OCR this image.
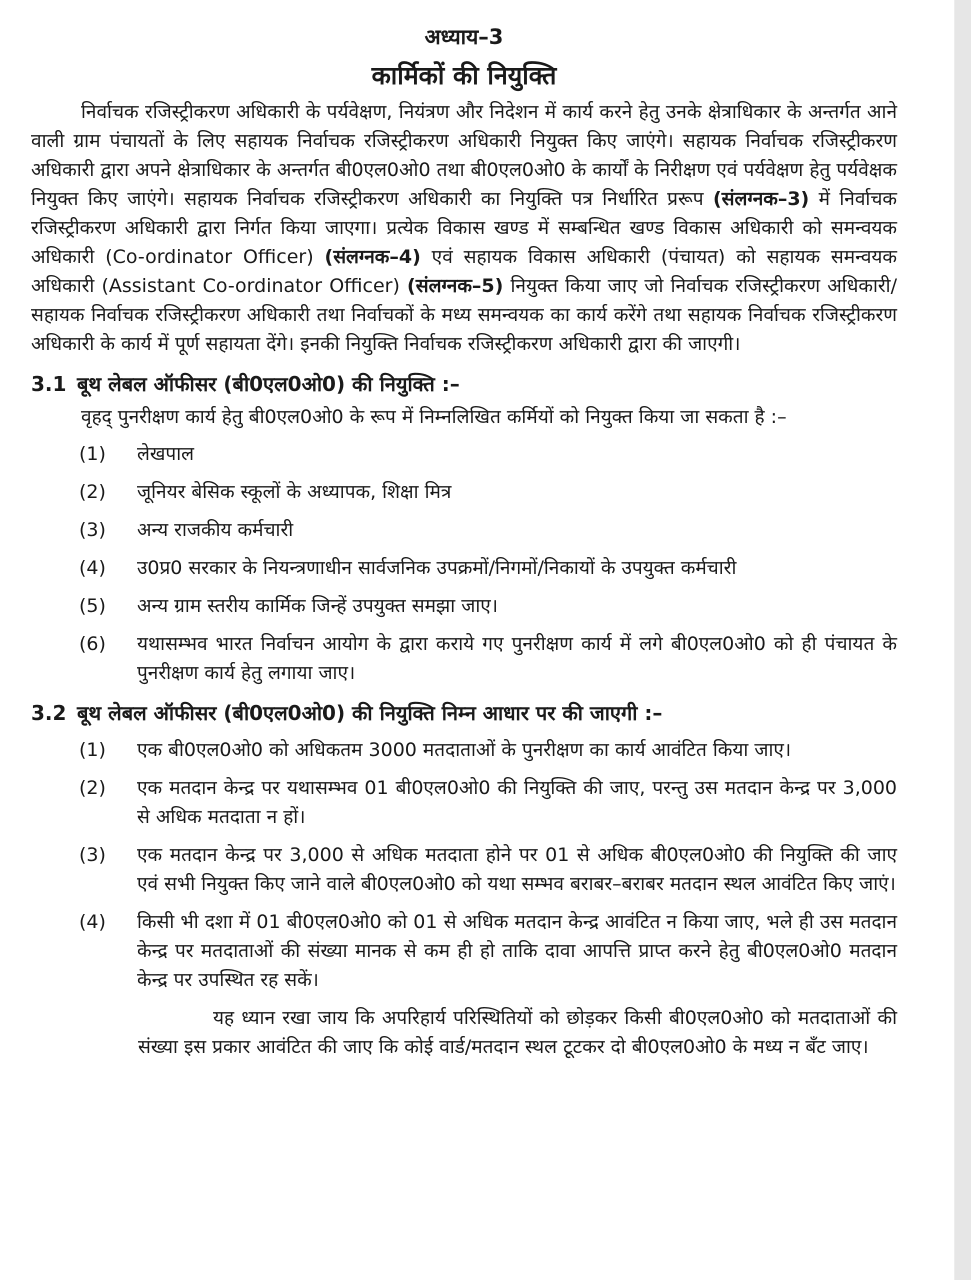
अध्याय–3
कार्मिकों की नियुक्ति

निर्वाचक रजिस्ट्रीकरण अधिकारी के पर्यवेक्षण, नियंत्रण और निदेशन में कार्य करने हेतु उनके क्षेत्राधिकार के अन्तर्गत आने वाली ग्राम पंचायतों के लिए सहायक निर्वाचक रजिस्ट्रीकरण अधिकारी नियुक्त किए जाएंगे। सहायक निर्वाचक रजिस्ट्रीकरण अधिकारी द्वारा अपने क्षेत्राधिकार के अन्तर्गत बी0एल0ओ0 तथा बी0एल0ओ0 के कार्यों के निरीक्षण एवं पर्यवेक्षण हेतु पर्यवेक्षक नियुक्त किए जाएंगे। सहायक निर्वाचक रजिस्ट्रीकरण अधिकारी का नियुक्ति पत्र निर्धारित प्ररूप (संलग्नक–3) में निर्वाचक रजिस्ट्रीकरण अधिकारी द्वारा निर्गत किया जाएगा। प्रत्येक विकास खण्ड में सम्बन्धित खण्ड विकास अधिकारी को समन्वयक अधिकारी (Co-ordinator Officer) (संलग्नक–4) एवं सहायक विकास अधिकारी (पंचायत) को सहायक समन्वयक अधिकारी (Assistant Co-ordinator Officer) (संलग्नक–5) नियुक्त किया जाए जो निर्वाचक रजिस्ट्रीकरण अधिकारी/सहायक निर्वाचक रजिस्ट्रीकरण अधिकारी तथा निर्वाचकों के मध्य समन्वयक का कार्य करेंगे तथा सहायक निर्वाचक रजिस्ट्रीकरण अधिकारी के कार्य में पूर्ण सहायता देंगे। इनकी नियुक्ति निर्वाचक रजिस्ट्रीकरण अधिकारी द्वारा की जाएगी।

3.1 बूथ लेबल ऑफीसर (बी0एल0ओ0) की नियुक्ति :–

वृहद् पुनरीक्षण कार्य हेतु बी0एल0ओ0 के रूप में निम्नलिखित कर्मियों को नियुक्त किया जा सकता है :–

(1)	लेखपाल
(2)	जूनियर बेसिक स्कूलों के अध्यापक, शिक्षा मित्र
(3)	अन्य राजकीय कर्मचारी
(4)	उ0प्र0 सरकार के नियन्त्रणाधीन सार्वजनिक उपक्रमों/निगमों/निकायों के उपयुक्त कर्मचारी
(5)	अन्य ग्राम स्तरीय कार्मिक जिन्हें उपयुक्त समझा जाए।
(6)	यथासम्भव भारत निर्वाचन आयोग के द्वारा कराये गए पुनरीक्षण कार्य में लगे बी0एल0ओ0 को ही पंचायत के पुनरीक्षण कार्य हेतु लगाया जाए।
3.2 बूथ लेबल ऑफीसर (बी0एल0ओ0) की नियुक्ति निम्न आधार पर की जाएगी :–
(1)	एक बी0एल0ओ0 को अधिकतम 3000 मतदाताओं के पुनरीक्षण का कार्य आवंटित किया जाए।
(2)	एक मतदान केन्द्र पर यथासम्भव 01 बी0एल0ओ0 की नियुक्ति की जाए, परन्तु उस मतदान केन्द्र पर 3,000 से अधिक मतदाता न हों।
(3)	एक मतदान केन्द्र पर 3,000 से अधिक मतदाता होने पर 01 से अधिक बी0एल0ओ0 की नियुक्ति की जाए एवं सभी नियुक्त किए जाने वाले बी0एल0ओ0 को यथा सम्भव बराबर–बराबर मतदान स्थल आवंटित किए जाएं।
(4)	किसी भी दशा में 01 बी0एल0ओ0 को 01 से अधिक मतदान केन्द्र आवंटित न किया जाए, भले ही उस मतदान केन्द्र पर मतदाताओं की संख्या मानक से कम ही हो ताकि दावा आपत्ति प्राप्त करने हेतु बी0एल0ओ0 मतदान केन्द्र पर उपस्थित रह सकें।

यह ध्यान रखा जाय कि अपरिहार्य परिस्थितियों को छोड़कर किसी बी0एल0ओ0 को मतदाताओं की संख्या इस प्रकार आवंटित की जाए कि कोई वार्ड/मतदान स्थल टूटकर दो बी0एल0ओ0 के मध्य न बँट जाए।
